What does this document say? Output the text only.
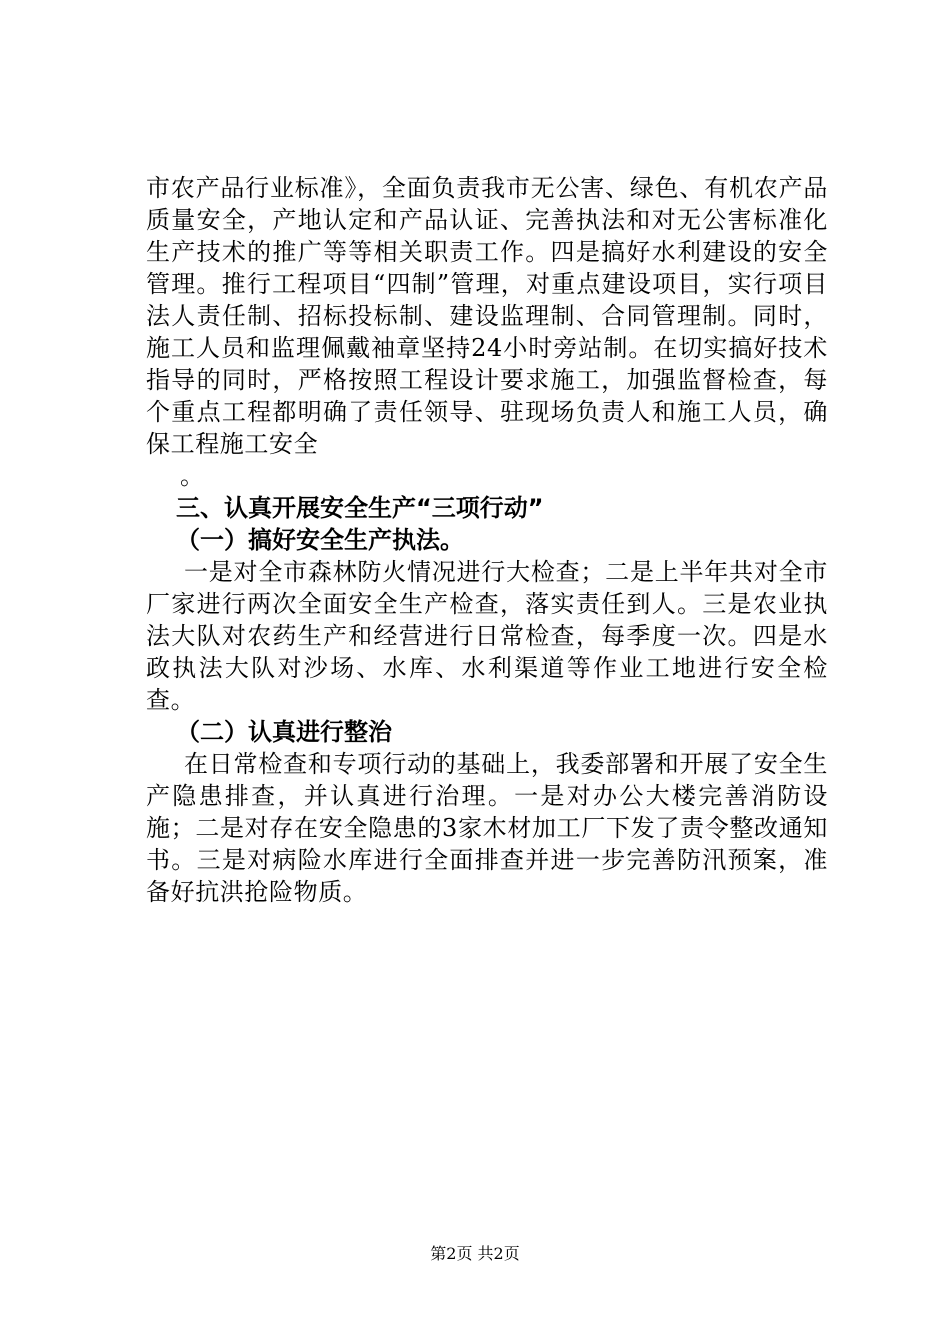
市农产品行业标准》，全面负责我市无公害、绿色、有机农产品质量安全，产地认定和产品认证、完善执法和对无公害标准化生产技术的推广等等相关职责工作。四是搞好水利建设的安全管理。推行工程项目“四制”管理，对重点建设项目，实行项目法人责任制、招标投标制、建设监理制、合同管理制。同时，施工人员和监理佩戴袖章坚持24小时旁站制。在切实搞好技术指导的同时，严格按照工程设计要求施工，加强监督检查，每个重点工程都明确了责任领导、驻现场负责人和施工人员，确保工程施工安全

。

三、认真开展安全生产“三项行动”

（一）搞好安全生产执法。

一是对全市森林防火情况进行大检查；二是上半年共对全市厂家进行两次全面安全生产检查，落实责任到人。三是农业执法大队对农药生产和经营进行日常检查，每季度一次。四是水政执法大队对沙场、水库、水利渠道等作业工地进行安全检查。

（二）认真进行整治

在日常检查和专项行动的基础上，我委部署和开展了安全生产隐患排查，并认真进行治理。一是对办公大楼完善消防设施；二是对存在安全隐患的3家木材加工厂下发了责令整改通知书。三是对病险水库进行全面排查并进一步完善防汛预案，准备好抗洪抢险物质。

第2页 共2页
